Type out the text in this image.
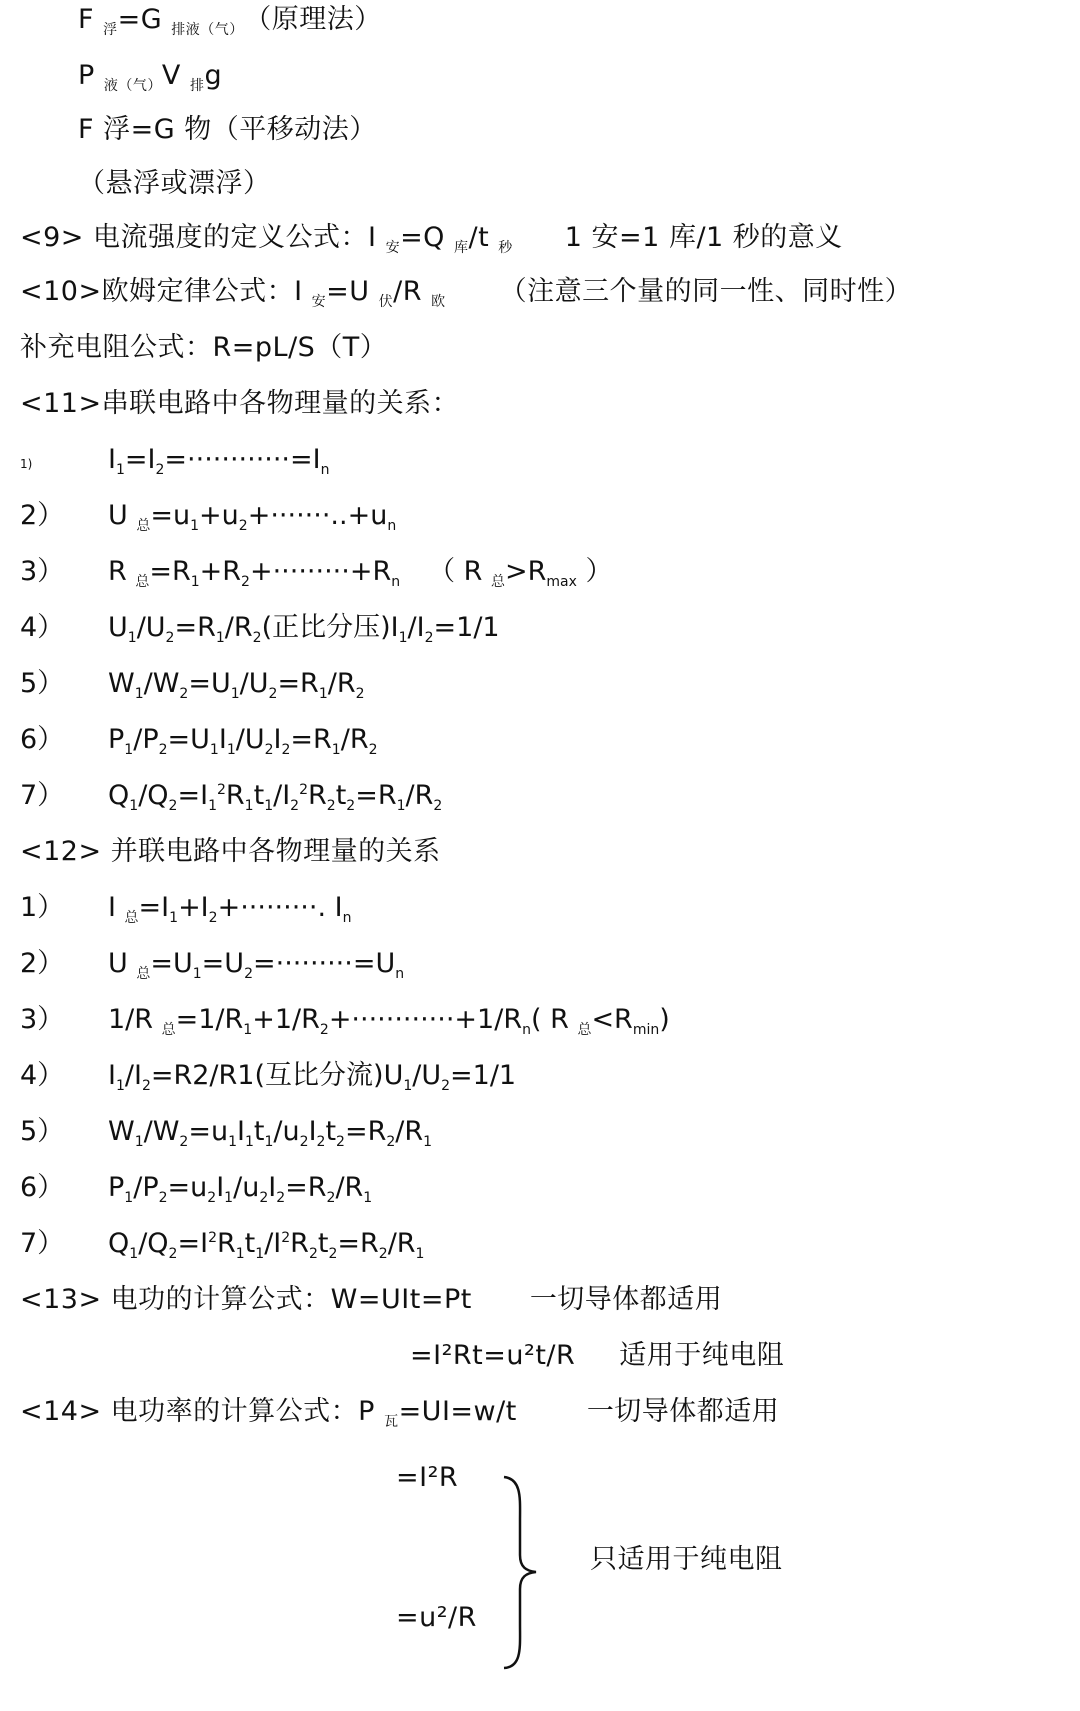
F $_浮$=G $_{排液(气)}$ （原理法）
P $_{液(气)}$V $_排$g
F 浮=G 物（平移动法）
（悬浮或漂浮）
<9> 电流强度的定义公式：I $_安$=Q $_库$/t $_秒$ 1 安=1 库/1 秒的意义
<10>欧姆定律公式：I $_安$=U $_伏$/R $_欧$ （注意三个量的同一性、同时性）
补充电阻公式：R=pL/S（T）
<11>串联电路中各物理量的关系：
1)	$I_1=I_2=\cdot\cdot\cdot\cdot\cdot\cdot\cdot\cdot\cdot\cdot\cdot\cdot=I_n$
2） U $_总=u_1+u_2+\cdot\cdot\cdot\cdot\cdot\cdot\cdot..+u_n$
3） R $_总=R_1+R_2+\cdot\cdot\cdot\cdot\cdot\cdot\cdot\cdot\cdot+R_n$ （ R $_总>R_{max}$ ）
4） $U_1/U_2=R_1/R_2$(正比分压)$I_1/I_2=1/1$
5） $W_1/W_2=U_1/U_2=R_1/R_2$
6） $P_1/P_2=U_1I_1/U_2I_2=R_1/R_2$
7） $Q_1/Q_2=I_1^2R_1t_1/I_2^2R_2t_2=R_1/R_2$
<12> 并联电路中各物理量的关系
1） I $_总=I_1+I_2+\cdot\cdot\cdot\cdot\cdot\cdot\cdot\cdot\cdot$. $I_n$
2） U $_总=U_1=U_2=\cdot\cdot\cdot\cdot\cdot\cdot\cdot\cdot\cdot=U_n$
3） 1/R $_总=1/R_1+1/R_2+\cdot\cdot\cdot\cdot\cdot\cdot\cdot\cdot\cdot\cdot\cdot\cdot+1/R_n$( R $_总<R_{min}$)
4） $I_1/I_2=R2/R1$(互比分流)$U_1/U_2=1/1$
5） $W_1/W_2=u_1I_1t_1/u_2I_2t_2=R_2/R_1$
6） $P_1/P_2=u_2I_1/u_2I_2=R_2/R_1$
7） $Q_1/Q_2=I^2R_1t_1/I^2R_2t_2=R_2/R_1$
<13> 电功的计算公式：W=UIt=Pt 一切导体都适用
=I²Rt=u²t/R 适用于纯电阻
<14> 电功率的计算公式：P $_瓦$=UI=w/t	一切导体都适用
=I²R
=u²/R
只适用于纯电阻
